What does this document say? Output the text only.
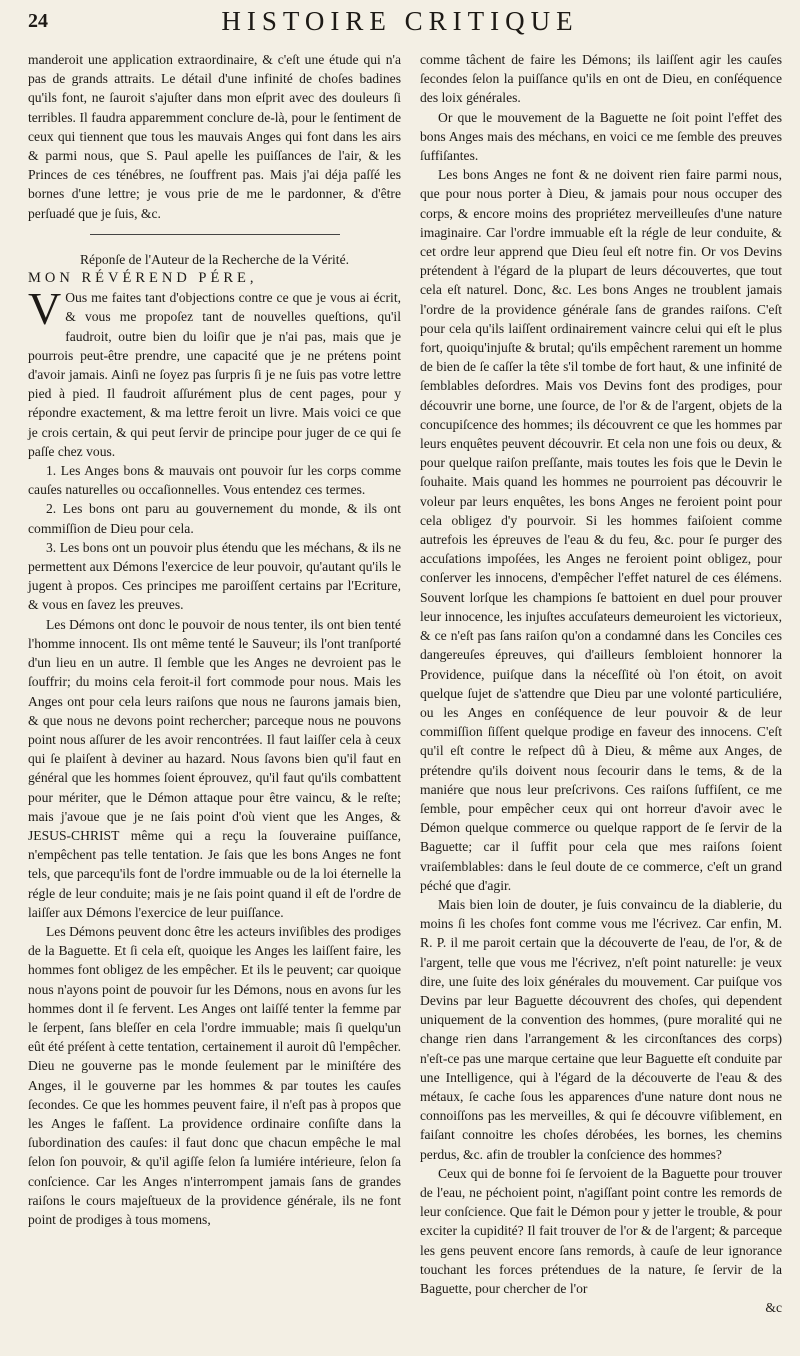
24	HISTOIRE CRITIQUE

manderoit une application extraordinaire, & c'eſt une étude qui n'a pas de grands attraits. Le détail d'une infinité de choſes badines qu'ils font, ne ſauroit s'ajuſter dans mon eſprit avec des douleurs ſi terribles. Il faudra apparemment conclure de-là, pour le ſentiment de ceux qui tiennent que tous les mauvais Anges qui font dans les airs & parmi nous, que S. Paul apelle les puiſſances de l'air, & les Princes de ces ténébres, ne ſouffrent pas. Mais j'ai déja paſſé les bornes d'une lettre; je vous prie de me le pardonner, & d'être perſuadé que je ſuis, &c.

Réponſe de l'Auteur de la Recherche de la Vérité.

MON RÉVÉREND PÉRE,

V Ous me faites tant d'objections contre ce que je vous ai écrit, & vous me propoſez tant de nouvelles queſtions, qu'il faudroit, outre bien du loiſir que je n'ai pas, mais que je pourrois peut-être prendre, une capacité que je ne prétens point d'avoir jamais. Ainſi ne ſoyez pas ſurpris ſi je ne ſuis pas votre lettre pied à pied. Il faudroit aſſurément plus de cent pages, pour y répondre exactement, & ma lettre feroit un livre. Mais voici ce que je crois certain, & qui peut ſervir de principe pour juger de ce qui ſe paſſe chez vous.

1. Les Anges bons & mauvais ont pouvoir ſur les corps comme cauſes naturelles ou occaſionnelles. Vous entendez ces termes.

2. Les bons ont paru au gouvernement du monde, & ils ont commiſſion de Dieu pour cela.

3. Les bons ont un pouvoir plus étendu que les méchans, & ils ne permettent aux Démons l'exercice de leur pouvoir, qu'autant qu'ils le jugent à propos. Ces principes me paroiſſent certains par l'Ecriture, & vous en ſavez les preuves.

Les Démons ont donc le pouvoir de nous tenter, ils ont bien tenté l'homme innocent. Ils ont même tenté le Sauveur; ils l'ont tranſporté d'un lieu en un autre. Il ſemble que les Anges ne devroient pas le ſouffrir; du moins cela feroit-il fort commode pour nous. Mais les Anges ont pour cela leurs raiſons que nous ne ſaurons jamais bien, & que nous ne devons point rechercher; parceque nous ne pouvons point nous aſſurer de les avoir rencontrées. Il faut laiſſer cela à ceux qui ſe plaiſent à deviner au hazard. Nous ſavons bien qu'il faut en général que les hommes ſoient éprouvez, qu'il faut qu'ils combattent pour mériter, que le Démon attaque pour être vaincu, & le reſte; mais j'avoue que je ne ſais point d'où vient que les Anges, & JESUS-CHRIST même qui a reçu la ſouveraine puiſſance, n'empêchent pas telle tentation. Je ſais que les bons Anges ne font tels, que parcequ'ils font de l'ordre immuable ou de la loi éternelle la régle de leur conduite; mais je ne ſais point quand il eſt de l'ordre de laiſſer aux Démons l'exercice de leur puiſſance.

Les Démons peuvent donc être les acteurs inviſibles des prodiges de la Baguette. Et ſi cela eſt, quoique les Anges les laiſſent faire, les hommes font obligez de les empêcher. Et ils le peuvent; car quoique nous n'ayons point de pouvoir ſur les Démons, nous en avons ſur les hommes dont il ſe fervent. Les Anges ont laiſſé tenter la femme par le ſerpent, ſans bleſſer en cela l'ordre immuable; mais ſi quelqu'un eût été préſent à cette tentation, certainement il auroit dû l'empêcher. Dieu ne gouverne pas le monde ſeulement par le miniſtére des Anges, il le gouverne par les hommes & par toutes les cauſes ſecondes. Ce que les hommes peuvent faire, il n'eſt pas à propos que les Anges le faſſent. La providence ordinaire conſiſte dans la ſubordination des cauſes: il faut donc que chacun empêche le mal ſelon ſon pouvoir, & qu'il agiſſe ſelon ſa lumiére intérieure, ſelon ſa conſcience. Car les Anges n'interrompent jamais ſans de grandes raiſons le cours majeſtueux de la providence générale, ils ne font point de prodiges à tous momens,

comme tâchent de faire les Démons; ils laiſſent agir les cauſes ſecondes ſelon la puiſſance qu'ils en ont de Dieu, en conſéquence des loix générales.

Or que le mouvement de la Baguette ne ſoit point l'effet des bons Anges mais des méchans, en voici ce me ſemble des preuves ſuffiſantes.

Les bons Anges ne font & ne doivent rien faire parmi nous, que pour nous porter à Dieu, & jamais pour nous occuper des corps, & encore moins des propriétez merveilleuſes d'une nature imaginaire. Car l'ordre immuable eſt la régle de leur conduite, & cet ordre leur apprend que Dieu ſeul eſt notre fin. Or vos Devins prétendent à l'égard de la plupart de leurs découvertes, que tout cela eſt naturel. Donc, &c. Les bons Anges ne troublent jamais l'ordre de la providence générale ſans de grandes raiſons. C'eſt pour cela qu'ils laiſſent ordinairement vaincre celui qui eſt le plus fort, quoiqu'injuſte & brutal; qu'ils empêchent rarement un homme de bien de ſe caſſer la tête s'il tombe de fort haut, & une infinité de ſemblables deſordres. Mais vos Devins font des prodiges, pour découvrir une borne, une ſource, de l'or & de l'argent, objets de la concupiſcence des hommes; ils découvrent ce que les hommes par leurs enquêtes peuvent découvrir. Et cela non une fois ou deux, & pour quelque raiſon preſſante, mais toutes les fois que le Devin le ſouhaite. Mais quand les hommes ne pourroient pas découvrir le voleur par leurs enquêtes, les bons Anges ne feroient point pour cela obligez d'y pourvoir. Si les hommes faiſoient comme autrefois les épreuves de l'eau & du feu, &c. pour ſe purger des accuſations impoſées, les Anges ne feroient point obligez, pour conſerver les innocens, d'empêcher l'effet naturel de ces élémens. Souvent lorſque les champions ſe battoient en duel pour prouver leur innocence, les injuſtes accuſateurs demeuroient les victorieux, & ce n'eſt pas ſans raiſon qu'on a condamné dans les Conciles ces dangereuſes épreuves, qui d'ailleurs ſembloient honnorer la Providence, puiſque dans la néceſſité où l'on étoit, on avoit quelque ſujet de s'attendre que Dieu par une volonté particuliére, ou les Anges en conſéquence de leur pouvoir & de leur commiſſion ſiſſent quelque prodige en faveur des innocens. C'eſt qu'il eſt contre le reſpect dû à Dieu, & même aux Anges, de prétendre qu'ils doivent nous ſecourir dans le tems, & de la maniére que nous leur preſcrivons. Ces raiſons ſuffiſent, ce me ſemble, pour empêcher ceux qui ont horreur d'avoir avec le Démon quelque commerce ou quelque rapport de ſe ſervir de la Baguette; car il ſuffit pour cela que mes raiſons ſoient vraiſemblables: dans le ſeul doute de ce commerce, c'eſt un grand péché que d'agir.

Mais bien loin de douter, je ſuis convaincu de la diablerie, du moins ſi les choſes font comme vous me l'écrivez. Car enfin, M. R. P. il me paroit certain que la découverte de l'eau, de l'or, & de l'argent, telle que vous me l'écrivez, n'eſt point naturelle: je veux dire, une ſuite des loix générales du mouvement. Car puiſque vos Devins par leur Baguette découvrent des choſes, qui dependent uniquement de la convention des hommes, (pure moralité qui ne change rien dans l'arrangement & les circonſtances des corps) n'eſt-ce pas une marque certaine que leur Baguette eſt conduite par une Intelligence, qui à l'égard de la découverte de l'eau & des métaux, ſe cache ſous les apparences d'une nature dont nous ne connoiſſons pas les merveilles, & qui ſe découvre viſiblement, en faiſant connoitre les choſes dérobées, les bornes, les chemins perdus, &c. afin de troubler la conſcience des hommes?

Ceux qui de bonne foi ſe ſervoient de la Baguette pour trouver de l'eau, ne péchoient point, n'agiſſant point contre les remords de leur conſcience. Que fait le Démon pour y jetter le trouble, & pour exciter la cupidité? Il fait trouver de l'or & de l'argent; & parceque les gens peuvent encore ſans remords, à cauſe de leur ignorance touchant les forces prétendues de la nature, ſe ſervir de la Baguette, pour chercher de l'or

&c
